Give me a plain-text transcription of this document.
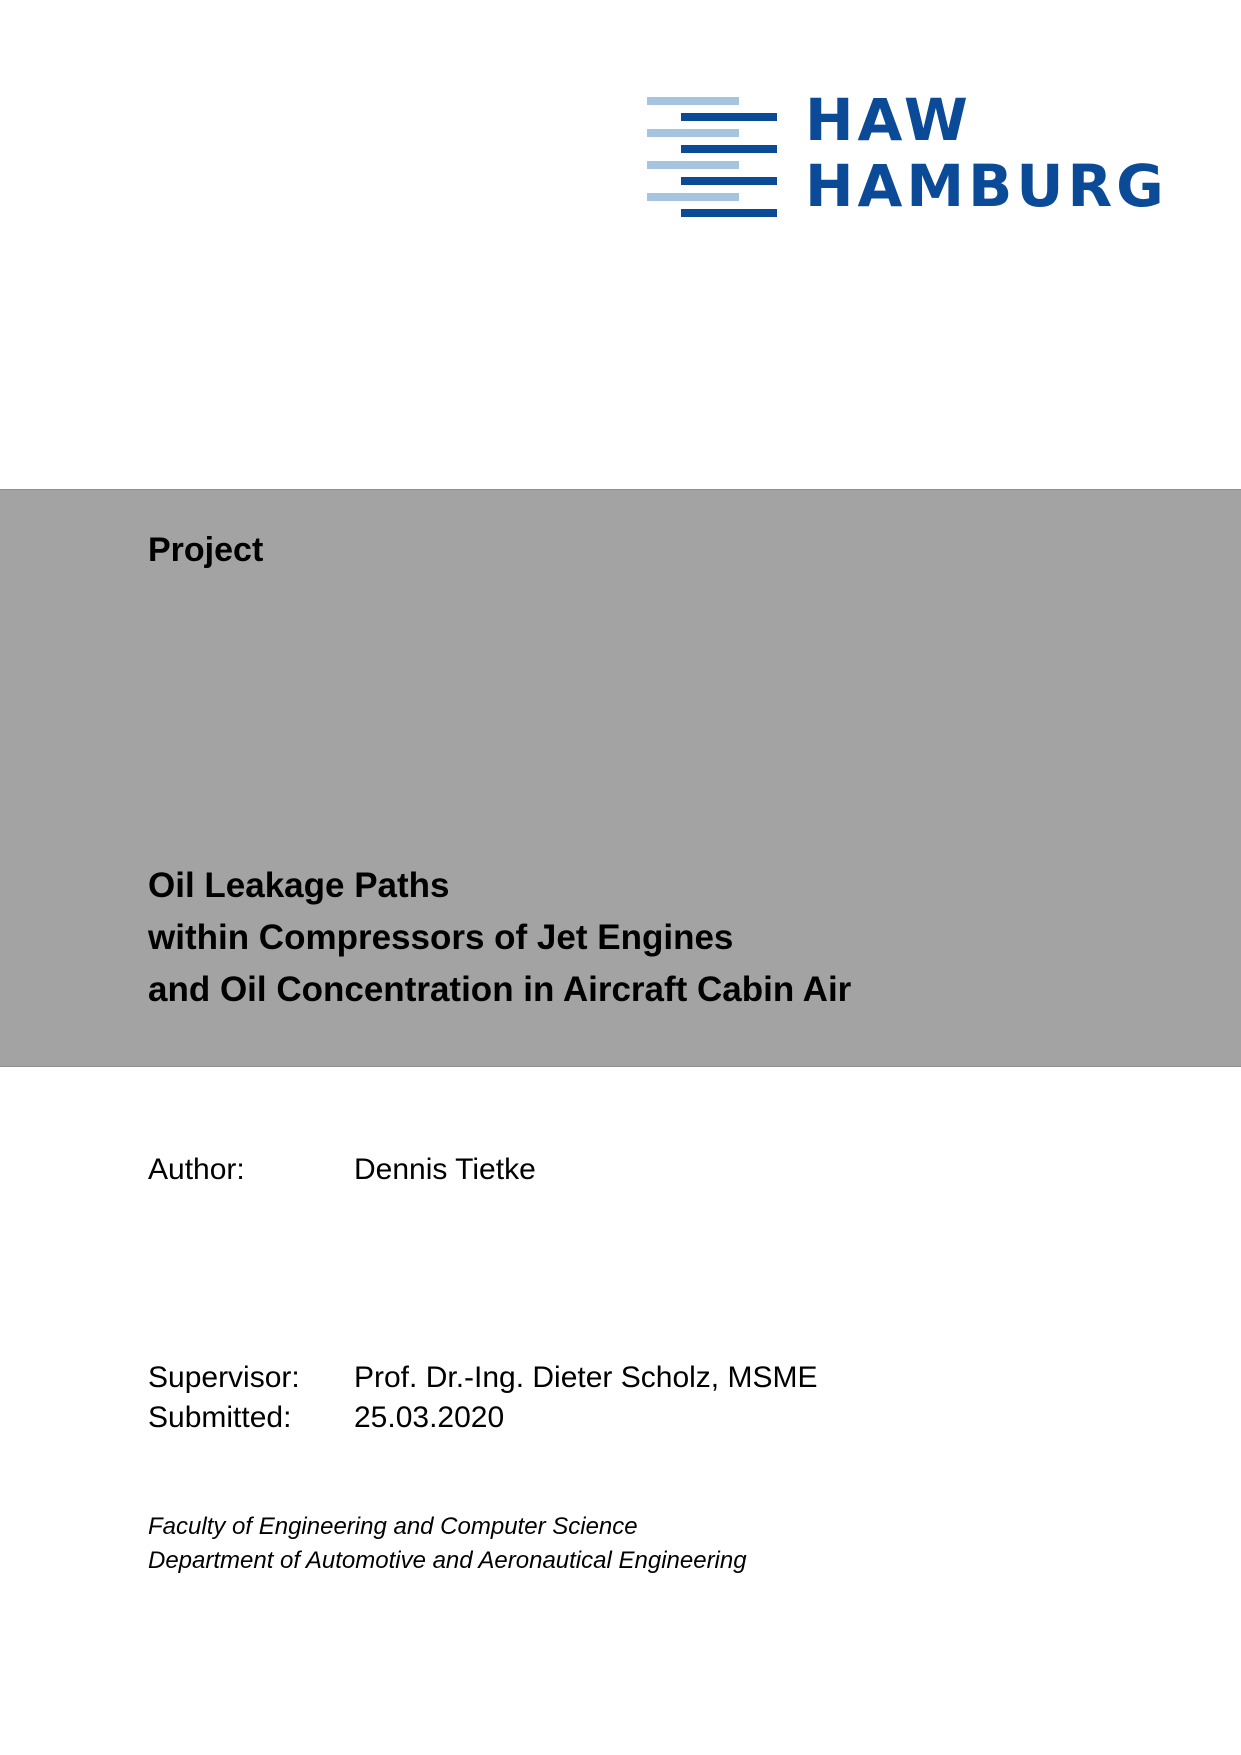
HAW
HAMBURG
Project
Oil Leakage Paths
within Compressors of Jet Engines
and Oil Concentration in Aircraft Cabin Air
Author:	Dennis Tietke
Supervisor: Prof. Dr.-Ing. Dieter Scholz, MSME
Submitted: 25.03.2020
Faculty of Engineering and Computer Science
Department of Automotive and Aeronautical Engineering
